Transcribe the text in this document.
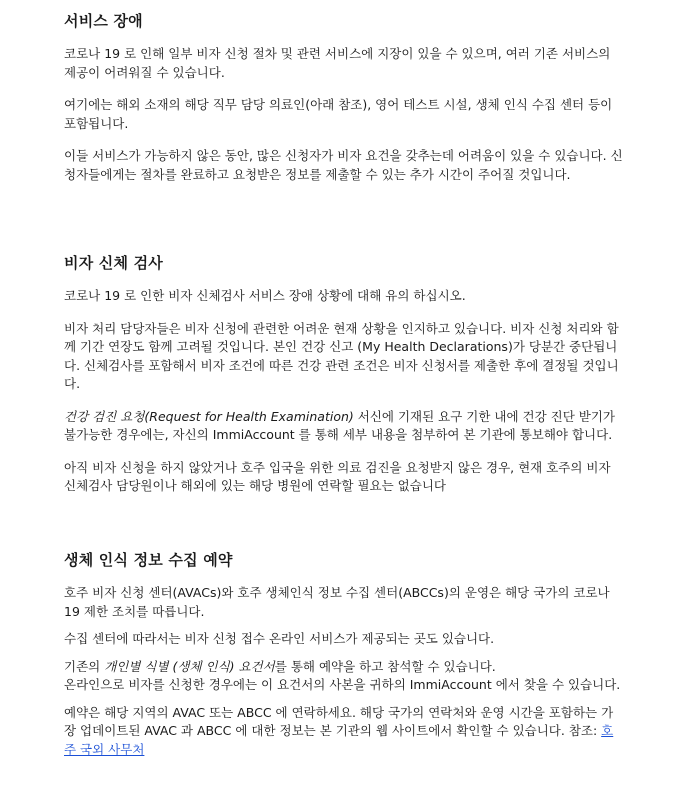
서비스 장애

코로나 19 로 인해 일부 비자 신청 절차 및 관련 서비스에 지장이 있을 수 있으며, 여러 기존 서비스의 제공이 어려워질 수 있습니다.

여기에는 해외 소재의 해당 직무 담당 의료인(아래 참조), 영어 테스트 시설, 생체 인식 수집 센터 등이 포함됩니다.

이들 서비스가 가능하지 않은 동안, 많은 신청자가 비자 요건을 갖추는데 어려움이 있을 수 있습니다. 신청자들에게는 절차를 완료하고 요청받은 정보를 제출할 수 있는 추가 시간이 주어질 것입니다.

비자 신체 검사

코로나 19 로 인한 비자 신체검사 서비스 장애 상황에 대해 유의 하십시오.

비자 처리 담당자들은 비자 신청에 관련한 어려운 현재 상황을 인지하고 있습니다. 비자 신청 처리와 함께 기간 연장도 함께 고려될 것입니다. 본인 건강 신고 (My Health Declarations)가 당분간 중단됩니다. 신체검사를 포함해서 비자 조건에 따른 건강 관련 조건은 비자 신청서를 제출한 후에 결정될 것입니다.

건강 검진 요청(Request for Health Examination) 서신에 기재된 요구 기한 내에 건강 진단 받기가 불가능한 경우에는, 자신의 ImmiAccount 를 통해 세부 내용을 첨부하여 본 기관에 통보해야 합니다.

아직 비자 신청을 하지 않았거나 호주 입국을 위한 의료 검진을 요청받지 않은 경우, 현재 호주의 비자 신체검사 담당원이나 해외에 있는 해당 병원에 연락할 필요는 없습니다

생체 인식 정보 수집 예약

호주 비자 신청 센터(AVACs)와 호주 생체인식 정보 수집 센터(ABCCs)의 운영은 해당 국가의 코로나 19 제한 조치를 따릅니다.

수집 센터에 따라서는 비자 신청 접수 온라인 서비스가 제공되는 곳도 있습니다.

기존의 개인별 식별 (생체 인식) 요건서를 통해 예약을 하고 참석할 수 있습니다.
온라인으로 비자를 신청한 경우에는 이 요건서의 사본을 귀하의 ImmiAccount 에서 찾을 수 있습니다.

예약은 해당 지역의 AVAC 또는 ABCC 에 연락하세요. 해당 국가의 연락처와 운영 시간을 포함하는 가장 업데이트된 AVAC 과 ABCC 에 대한 정보는 본 기관의 웹 사이트에서 확인할 수 있습니다. 참조: 호주 국외 사무처
